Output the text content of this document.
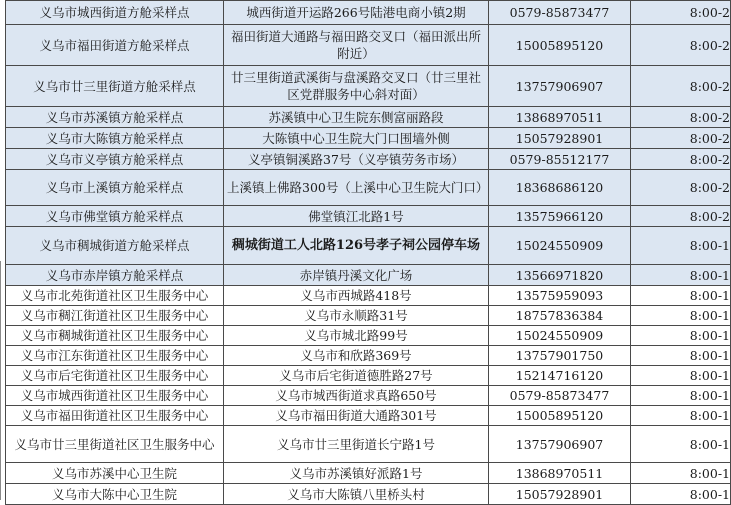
义乌市城西街道方舱采样点	城西街道开运路266号陆港电商小镇2期	0579-85873477	8:00-2
义乌市福田街道方舱采样点	福田街道大通路与福田路交叉口（福田派出所附近）	15005895120	8:00-2
义乌市廿三里街道方舱采样点	廿三里街道武溪街与盘溪路交叉口（廿三里社区党群服务中心斜对面）	13757906907	8:00-2
义乌市苏溪镇方舱采样点	苏溪镇中心卫生院东侧富丽路段	13868970511	8:00-2
义乌市大陈镇方舱采样点	大陈镇中心卫生院大门口围墙外侧	15057928901	8:00-2
义乌市义亭镇方舱采样点	义亭镇铜溪路37号（义亭镇劳务市场）	0579-85512177	8:00-2
义乌市上溪镇方舱采样点	上溪镇上佛路300号（上溪中心卫生院大门口）	18368686120	8:00-2
义乌市佛堂镇方舱采样点	佛堂镇江北路1号	13575966120	8:00-2
义乌市稠城街道方舱采样点	稠城街道工人北路126号孝子祠公园停车场	15024550909	8:00-1
义乌市赤岸镇方舱采样点	赤岸镇丹溪文化广场	13566971820	8:00-1
义乌市北苑街道社区卫生服务中心	义乌市西城路418号	13575959093	8:00-1
义乌市稠江街道社区卫生服务中心	义乌市永顺路31号	18757836384	8:00-1
义乌市稠城街道社区卫生服务中心	义乌市城北路99号	15024550909	8:00-1
义乌市江东街道社区卫生服务中心	义乌市和欣路369号	13757901750	8:00-1
义乌市后宅街道社区卫生服务中心	义乌市后宅街道德胜路27号	15214716120	8:00-1
义乌市城西街道社区卫生服务中心	义乌市城西街道求真路650号	0579-85873477	8:00-1
义乌市福田街道社区卫生服务中心	义乌市福田街道大通路301号	15005895120	8:00-1
义乌市廿三里街道社区卫生服务中心	义乌市廿三里街道长宁路1号	13757906907	8:00-1
义乌市苏溪中心卫生院	义乌市苏溪镇好派路1号	13868970511	8:00-1
义乌市大陈中心卫生院	义乌市大陈镇八里桥头村	15057928901	8:00-1
